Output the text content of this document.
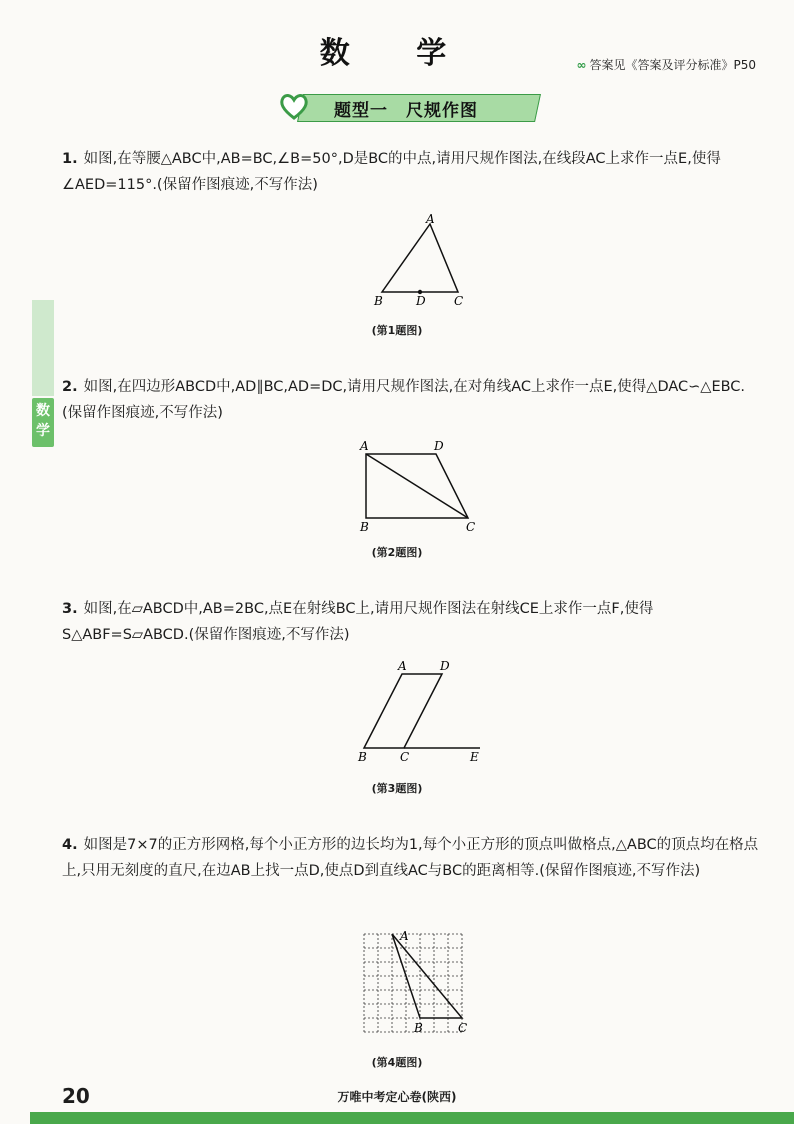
数 学	∞ 答案见《答案及评分标准》P50
题型一　尺规作图
数
学
1. 如图,在等腰△ABC中,AB=BC,∠B=50°,D是BC的中点,请用尺规作图法,在线段AC上求作一点E,使得∠AED=115°.(保留作图痕迹,不写作法)
A
B	D C
(第1题图)
2. 如图,在四边形ABCD中,AD∥BC,AD=DC,请用尺规作图法,在对角线AC上求作一点E,使得△DAC∽△EBC.(保留作图痕迹,不写作法)
A	D
B	C
(第2题图)
3. 如图,在▱ABCD中,AB=2BC,点E在射线BC上,请用尺规作图法在射线CE上求作一点F,使得S△ABF=S▱ABCD.(保留作图痕迹,不写作法)
A	D
B	C	E
(第3题图)
4. 如图是7×7的正方形网格,每个小正方形的边长均为1,每个小正方形的顶点叫做格点,△ABC的顶点均在格点上,只用无刻度的直尺,在边AB上找一点D,使点D到直线AC与BC的距离相等.(保留作图痕迹,不写作法)
A
B	C
(第4题图)
20	万唯中考定心卷(陕西)
